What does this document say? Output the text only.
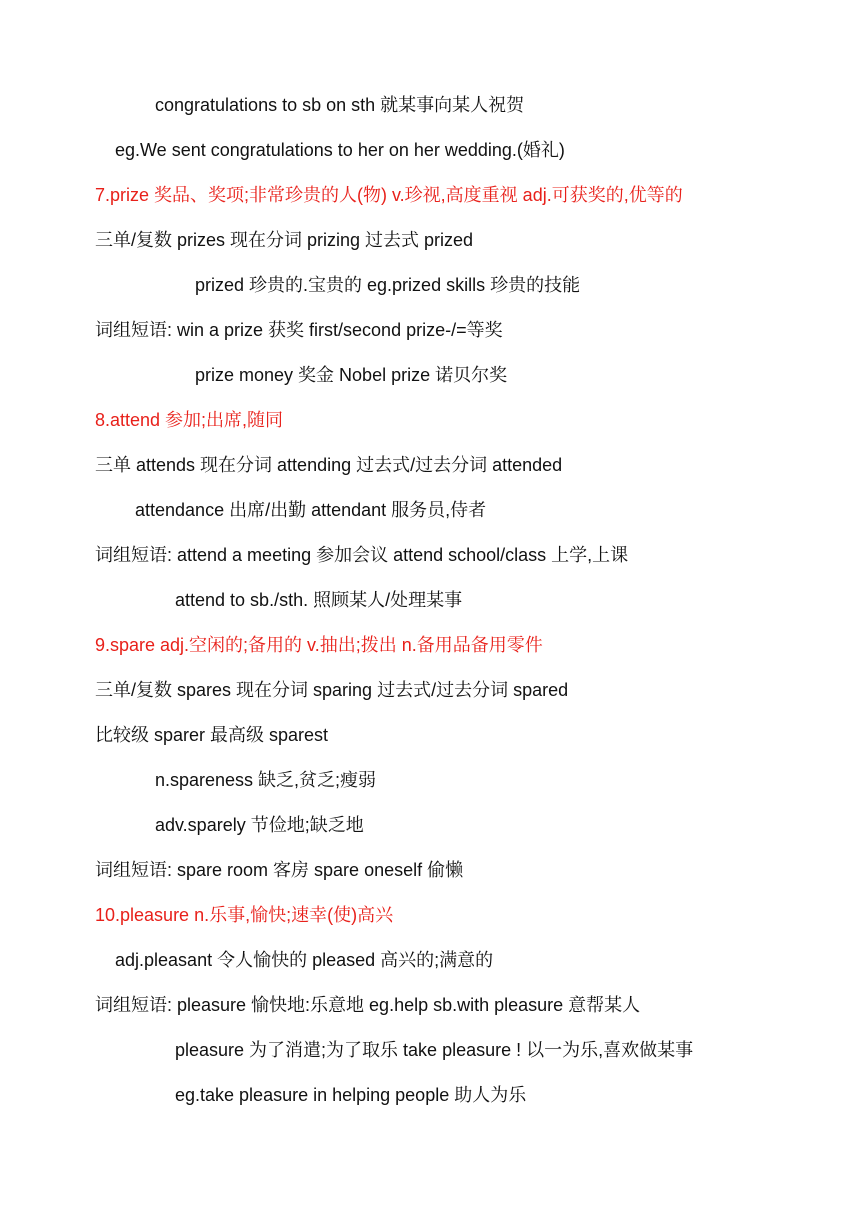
congratulations to sb on sth 就某事向某人祝贺
eg.We sent congratulations to her on her wedding.(婚礼)
7.prize 奖品、奖项;非常珍贵的人(物) v.珍视,高度重视 adj.可获奖的,优等的
三单/复数 prizes 现在分词 prizing 过去式 prized
prized 珍贵的.宝贵的 eg.prized skills 珍贵的技能
词组短语: win a prize 获奖 first/second prize-/=等奖
prize money 奖金 Nobel prize 诺贝尔奖
8.attend 参加;出席,随同
三单 attends 现在分词 attending 过去式/过去分词 attended
attendance 出席/出勤 attendant 服务员,侍者
词组短语: attend a meeting 参加会议 attend school/class 上学,上课
attend to sb./sth. 照顾某人/处理某事
9.spare adj.空闲的;备用的 v.抽出;拨出 n.备用品备用零件
三单/复数 spares 现在分词 sparing 过去式/过去分词 spared
比较级 sparer 最高级 sparest
n.spareness 缺乏,贫乏;瘦弱
adv.sparely 节俭地;缺乏地
词组短语: spare room 客房 spare oneself 偷懒
10.pleasure n.乐事,愉快;速幸(使)高兴
adj.pleasant 令人愉快的 pleased 高兴的;满意的
词组短语: pleasure 愉快地:乐意地 eg.help sb.with pleasure 意帮某人
pleasure 为了消遣;为了取乐 take pleasure ! 以一为乐,喜欢做某事
eg.take pleasure in helping people 助人为乐
